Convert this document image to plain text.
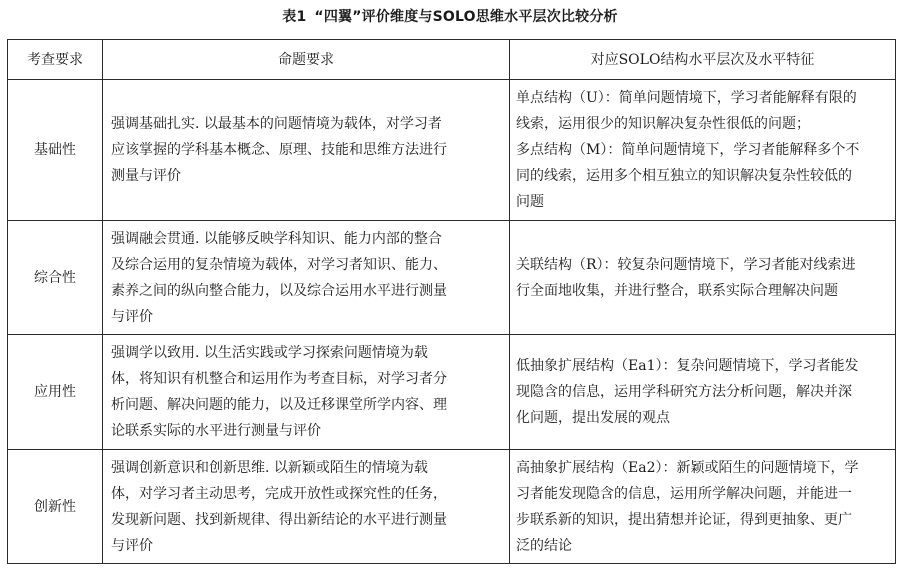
表1 “四翼”评价维度与SOLO思维水平层次比较分析
考查要求	命题要求	对应SOLO结构水平层次及水平特征
基础性	强调基础扎实. 以最基本的问题情境为载体，对学习者
应该掌握的学科基本概念、原理、技能和思维方法进行
测量与评价	单点结构（U）：简单问题情境下，学习者能解释有限的
线索，运用很少的知识解决复杂性很低的问题；
多点结构（M）：简单问题情境下，学习者能解释多个不
同的线索，运用多个相互独立的知识解决复杂性较低的
问题

综合性	强调融会贯通. 以能够反映学科知识、能力内部的整合
及综合运用的复杂情境为载体，对学习者知识、能力、
素养之间的纵向整合能力，以及综合运用水平进行测量
与评价	关联结构（R）：较复杂问题情境下，学习者能对线索进
行全面地收集，并进行整合，联系实际合理解决问题

应用性	强调学以致用. 以生活实践或学习探索问题情境为载
体，将知识有机整合和运用作为考查目标，对学习者分
析问题、解决问题的能力，以及迁移课堂所学内容、理
论联系实际的水平进行测量与评价	低抽象扩展结构（Ea1）：复杂问题情境下，学习者能发
现隐含的信息，运用学科研究方法分析问题，解决并深
化问题，提出发展的观点

创新性	强调创新意识和创新思维. 以新颖或陌生的情境为载
体，对学习者主动思考，完成开放性或探究性的任务，
发现新问题、找到新规律、得出新结论的水平进行测量
与评价	高抽象扩展结构（Ea2）：新颖或陌生的问题情境下，学
习者能发现隐含的信息，运用所学解决问题，并能进一
步联系新的知识，提出猜想并论证，得到更抽象、更广
泛的结论
